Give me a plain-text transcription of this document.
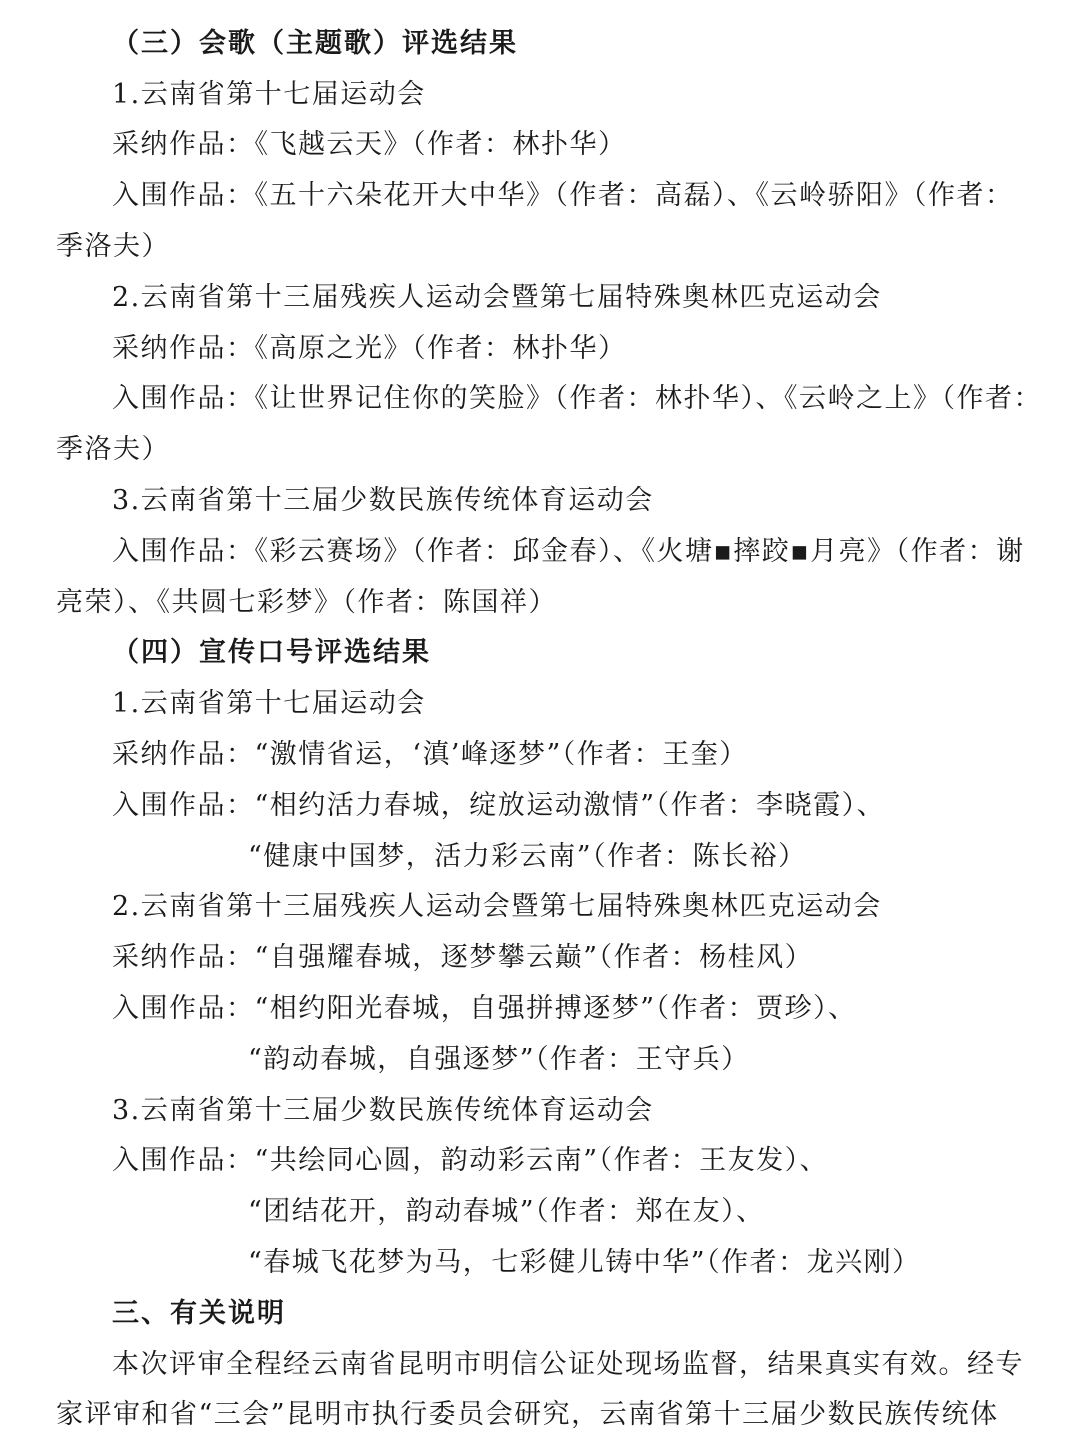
（三）会歌（主题歌）评选结果
1.云南省第十七届运动会
采纳作品：《飞越云天》（作者：林扑华）
入围作品：《五十六朵花开大中华》（作者：高磊）、《云岭骄阳》（作者：
季洛夫）
2.云南省第十三届残疾人运动会暨第七届特殊奥林匹克运动会
采纳作品：《高原之光》（作者：林扑华）
入围作品：《让世界记住你的笑脸》（作者：林扑华）、《云岭之上》（作者：
季洛夫）
3.云南省第十三届少数民族传统体育运动会
入围作品：《彩云赛场》（作者：邱金春）、《火塘▪摔跤▪月亮》（作者：谢
亮荣）、《共圆七彩梦》（作者：陈国祥）
（四）宣传口号评选结果
1.云南省第十七届运动会
采纳作品：“激情省运，‘滇’峰逐梦”（作者：王奎）
入围作品：“相约活力春城，绽放运动激情”（作者：李晓霞）、
“健康中国梦，活力彩云南”（作者：陈长裕）
2.云南省第十三届残疾人运动会暨第七届特殊奥林匹克运动会
采纳作品：“自强耀春城，逐梦攀云巅”（作者：杨桂风）
入围作品：“相约阳光春城，自强拼搏逐梦”（作者：贾珍）、
“韵动春城，自强逐梦”（作者：王守兵）
3.云南省第十三届少数民族传统体育运动会
入围作品：“共绘同心圆，韵动彩云南”（作者：王友发）、
“团结花开，韵动春城”（作者：郑在友）、
“春城飞花梦为马，七彩健儿铸中华”（作者：龙兴刚）
三、有关说明
本次评审全程经云南省昆明市明信公证处现场监督，结果真实有效。经专
家评审和省“三会”昆明市执行委员会研究，云南省第十三届少数民族传统体
